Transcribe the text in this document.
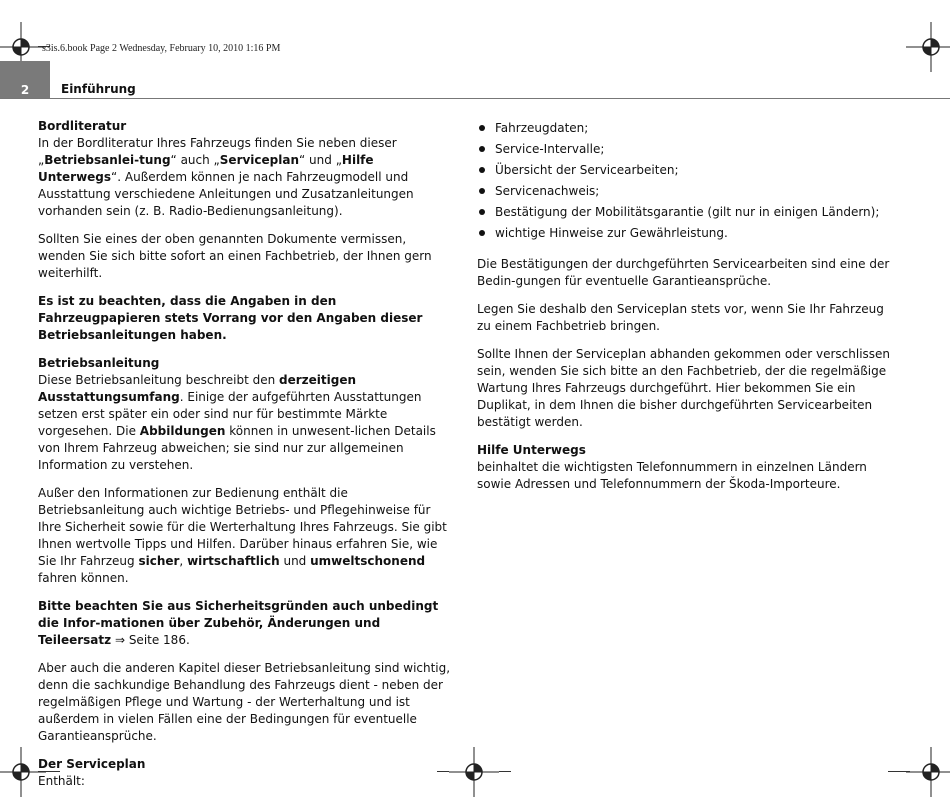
s3is.6.book Page 2 Wednesday, February 10, 2010 1:16 PM
2	Einführung
Bordliteratur

In der Bordliteratur Ihres Fahrzeugs finden Sie neben dieser „Betriebsanlei-tung“ auch „Serviceplan“ und „Hilfe Unterwegs“. Außerdem können je nach Fahrzeugmodell und Ausstattung verschiedene Anleitungen und Zusatzanleitungen vorhanden sein (z. B. Radio-Bedienungsanleitung).

Sollten Sie eines der oben genannten Dokumente vermissen, wenden Sie sich bitte sofort an einen Fachbetrieb, der Ihnen gern weiterhilft.

Es ist zu beachten, dass die Angaben in den Fahrzeugpapieren stets Vorrang vor den Angaben dieser Betriebsanleitungen haben.

Betriebsanleitung

Diese Betriebsanleitung beschreibt den derzeitigen Ausstattungsumfang. Einige der aufgeführten Ausstattungen setzen erst später ein oder sind nur für bestimmte Märkte vorgesehen. Die Abbildungen können in unwesent-lichen Details von Ihrem Fahrzeug abweichen; sie sind nur zur allgemeinen Information zu verstehen.

Außer den Informationen zur Bedienung enthält die Betriebsanleitung auch wichtige Betriebs- und Pflegehinweise für Ihre Sicherheit sowie für die Werterhaltung Ihres Fahrzeugs. Sie gibt Ihnen wertvolle Tipps und Hilfen. Darüber hinaus erfahren Sie, wie Sie Ihr Fahrzeug sicher, wirtschaftlich und umweltschonend fahren können.

Bitte beachten Sie aus Sicherheitsgründen auch unbedingt die Infor-mationen über Zubehör, Änderungen und Teileersatz ⇒ Seite 186.

Aber auch die anderen Kapitel dieser Betriebsanleitung sind wichtig, denn die sachkundige Behandlung des Fahrzeugs dient - neben der regelmäßigen Pflege und Wartung - der Werterhaltung und ist außerdem in vielen Fällen eine der Bedingungen für eventuelle Garantieansprüche.

Der Serviceplan

Enthält:

Fahrzeugdaten;
Service-Intervalle;
Übersicht der Servicearbeiten;
Servicenachweis;
Bestätigung der Mobilitätsgarantie (gilt nur in einigen Ländern);
wichtige Hinweise zur Gewährleistung.

Die Bestätigungen der durchgeführten Servicearbeiten sind eine der Bedin-gungen für eventuelle Garantieansprüche.

Legen Sie deshalb den Serviceplan stets vor, wenn Sie Ihr Fahrzeug zu einem Fachbetrieb bringen.

Sollte Ihnen der Serviceplan abhanden gekommen oder verschlissen sein, wenden Sie sich bitte an den Fachbetrieb, der die regelmäßige Wartung Ihres Fahrzeugs durchgeführt. Hier bekommen Sie ein Duplikat, in dem Ihnen die bisher durchgeführten Servicearbeiten bestätigt werden.

Hilfe Unterwegs

beinhaltet die wichtigsten Telefonnummern in einzelnen Ländern sowie Adressen und Telefonnummern der Škoda-Importeure.
